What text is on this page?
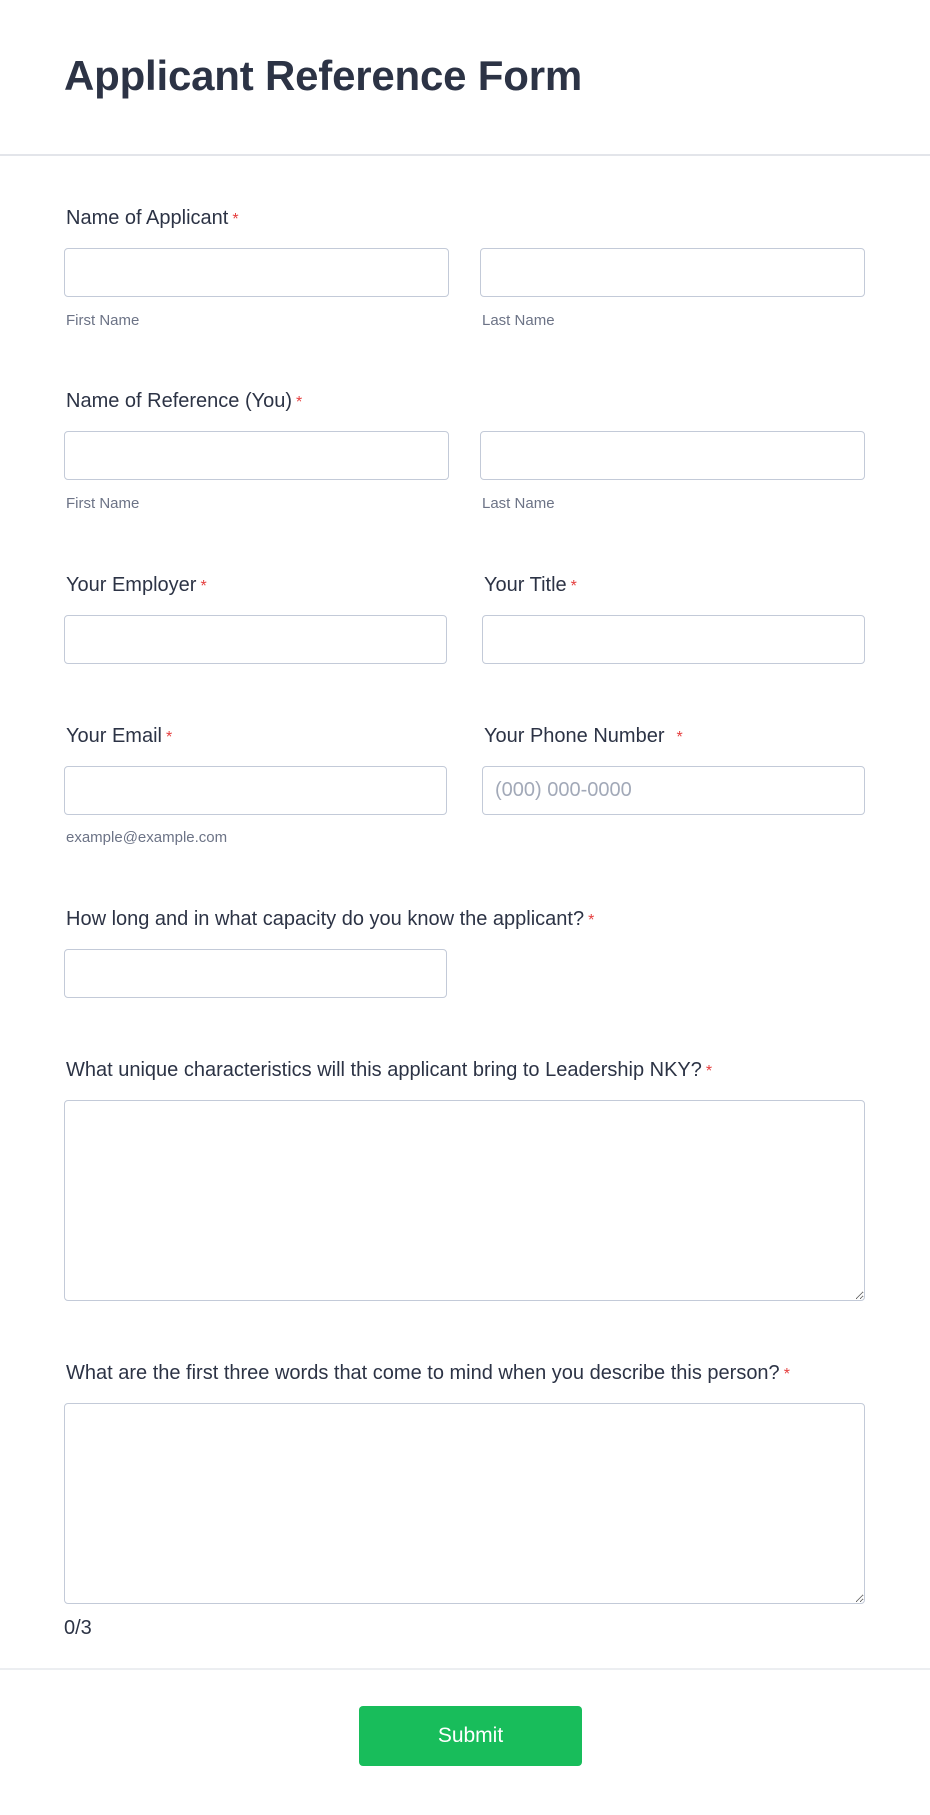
Applicant Reference Form
Name of Applicant *
First Name	Last Name
Name of Reference (You) *
First Name	Last Name
Your Employer *	Your Title *
Your Email *
example@example.com
Your Phone Number *
(000) 000-0000
How long and in what capacity do you know the applicant? *
What unique characteristics will this applicant bring to Leadership NKY? *
What are the first three words that come to mind when you describe this person? *
0/3
Submit
